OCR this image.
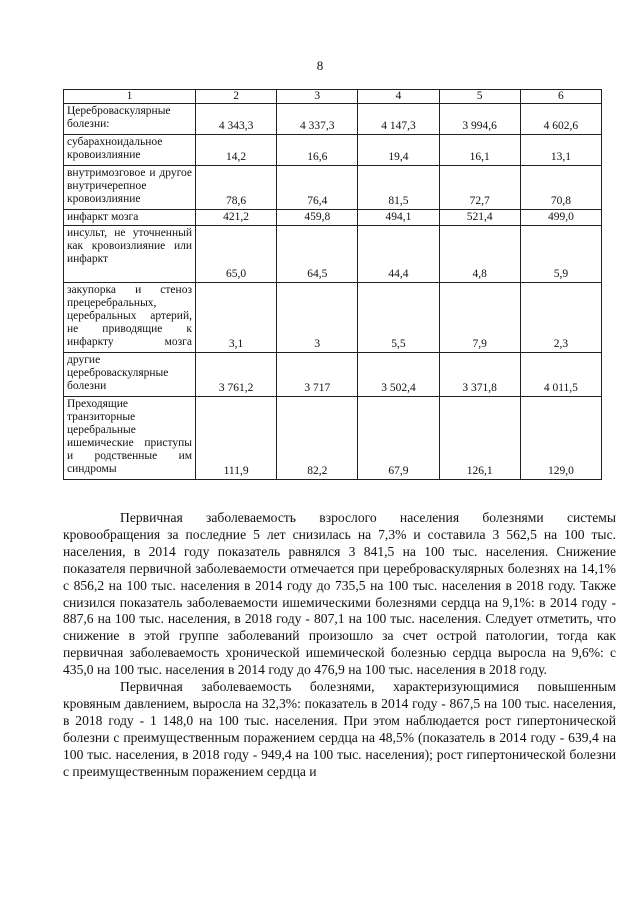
8
1	2	3	4	5	6
Цереброваскулярные болезни:	4 343,3	4 337,3	4 147,3	3 994,6	4 602,6
субарахноидальное кровоизлияние	14,2	16,6	19,4	16,1	13,1
внутримозговое и другое внутричерепное кровоизлияние	78,6	76,4	81,5	72,7	70,8
инфаркт мозга	421,2	459,8	494,1	521,4	499,0
инсульт, не уточненный как кровоизлияние или инфаркт	65,0	64,5	44,4	4,8	5,9
закупорка и стеноз прецеребральных, церебральных артерий, не приводящие к инфаркту мозга	3,1	3	5,5	7,9	2,3
другие цереброваскулярные болезни	3 761,2	3 717	3 502,4	3 371,8	4 011,5
Преходящие транзиторные церебральные ишемические приступы и родственные им синдромы	111,9	82,2	67,9	126,1	129,0

Первичная заболеваемость взрослого населения болезнями системы кровообращения за последние 5 лет снизилась на 7,3% и составила 3 562,5 на 100 тыс. населения, в 2014 году показатель равнялся 3 841,5 на 100 тыс. населения. Снижение показателя первичной заболеваемости отмечается при цереброваскулярных болезнях на 14,1% с 856,2 на 100 тыс. населения в 2014 году до 735,5 на 100 тыс. населения в 2018 году. Также снизился показатель заболеваемости ишемическими болезнями сердца на 9,1%: в 2014 году - 887,6 на 100 тыс. населения, в 2018 году - 807,1 на 100 тыс. населения. Следует отметить, что снижение в этой группе заболеваний произошло за счет острой патологии, тогда как первичная заболеваемость хронической ишемической болезнью сердца выросла на 9,6%: с 435,0 на 100 тыс. населения в 2014 году до 476,9 на 100 тыс. населения в 2018 году.

Первичная заболеваемость болезнями, характеризующимися повышенным кровяным давлением, выросла на 32,3%: показатель в 2014 году - 867,5 на 100 тыс. населения, в 2018 году - 1 148,0 на 100 тыс. населения. При этом наблюдается рост гипертонической болезни с преимущественным поражением сердца на 48,5% (показатель в 2014 году - 639,4 на 100 тыс. населения, в 2018 году - 949,4 на 100 тыс. населения); рост гипертонической болезни с преимущественным поражением сердца и
